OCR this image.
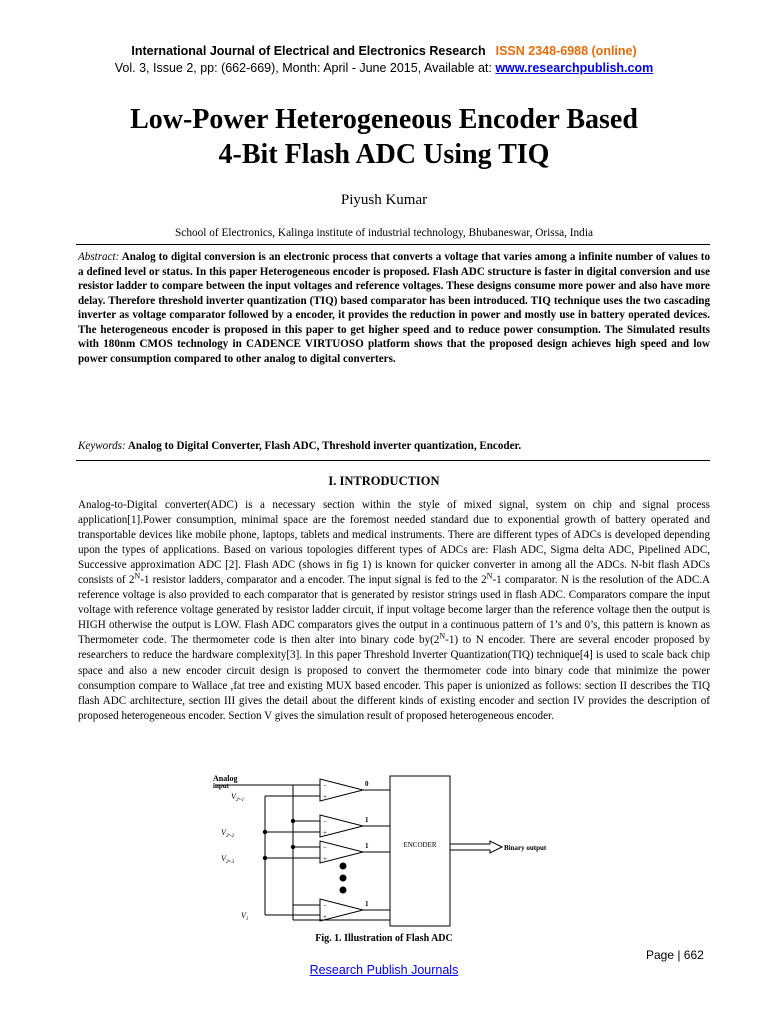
International Journal of Electrical and Electronics Research ISSN 2348-6988 (online)
Vol. 3, Issue 2, pp: (662-669), Month: April - June 2015, Available at: www.researchpublish.com
Low-Power Heterogeneous Encoder Based
4-Bit Flash ADC Using TIQ
Piyush Kumar
School of Electronics, Kalinga institute of industrial technology, Bhubaneswar, Orissa, India

Abstract: Analog to digital conversion is an electronic process that converts a voltage that varies among a infinite number of values to a defined level or status. In this paper Heterogeneous encoder is proposed. Flash ADC structure is faster in digital conversion and use resistor ladder to compare between the input voltages and reference voltages. These designs consume more power and also have more delay. Therefore threshold inverter quantization (TIQ) based comparator has been introduced. TIQ technique uses the two cascading inverter as voltage comparator followed by a encoder, it provides the reduction in power and mostly use in battery operated devices. The heterogeneous encoder is proposed in this paper to get higher speed and to reduce power consumption. The Simulated results with 180nm CMOS technology in CADENCE VIRTUOSO platform shows that the proposed design achieves high speed and low power consumption compared to other analog to digital converters.

Keywords: Analog to Digital Converter, Flash ADC, Threshold inverter quantization, Encoder.

I. INTRODUCTION

Analog-to-Digital converter(ADC) is a necessary section within the style of mixed signal, system on chip and signal process application[1].Power consumption, minimal space are the foremost needed standard due to exponential growth of battery operated and transportable devices like mobile phone, laptops, tablets and medical instruments. There are different types of ADCs is developed depending upon the types of applications. Based on various topologies different types of ADCs are: Flash ADC, Sigma delta ADC, Pipelined ADC, Successive approximation ADC [2]. Flash ADC (shows in fig 1) is known for quicker converter in among all the ADCs. N-bit flash ADCs consists of $2^N-1$ resistor ladders, comparator and a encoder. The input signal is fed to the $2^N-1$ comparator. N is the resolution of the ADC.A reference voltage is also provided to each comparator that is generated by resistor strings used in flash ADC. Comparators compare the input voltage with reference voltage generated by resistor ladder circuit, if input voltage become larger than the reference voltage then the output is HIGH otherwise the output is LOW. Flash ADC comparators gives the output in a continuous pattern of 1’s and 0’s, this pattern is known as Thermometer code. The thermometer code is then alter into binary code $by(2^N-1)$ to N encoder. There are several encoder proposed by researchers to reduce the hardware complexity[3]. In this paper Threshold Inverter Quantization(TIQ) technique[4] is used to scale back chip space and also a new encoder circuit design is proposed to convert the thermometer code into binary code that minimize the power consumption compare to Wallace ,fat tree and existing MUX based encoder. This paper is unionized as follows: section II describes the TIQ flash ADC architecture, section III gives the detail about the different kinds of existing encoder and section IV provides the description of proposed heterogeneous encoder. Section V gives the simulation result of proposed heterogeneous encoder.

−
+
−
+
−
+
−
+
Analog
input
$V_{2^n-1}$
$V_{2^n-2}$
$V_{2^n-3}$
$V_1$
0
1
1
1
ENCODER	Binary output
Fig. 1. Illustration of Flash ADC
Page | 662
Research Publish Journals
